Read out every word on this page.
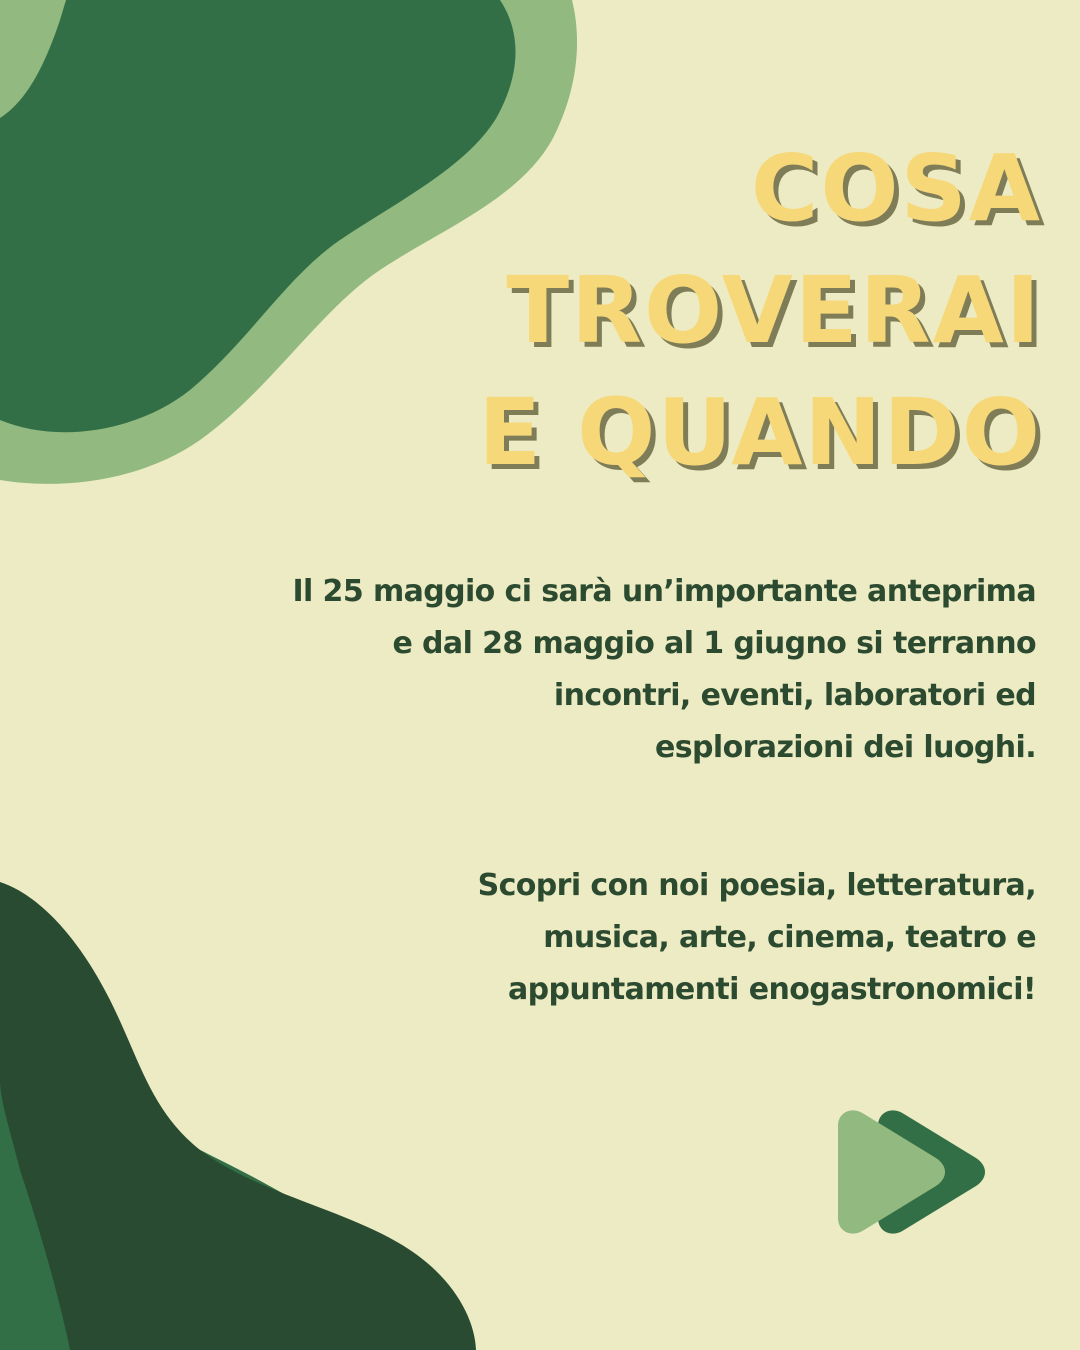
COSA
TROVERAI
E QUANDO

Il 25 maggio ci sarà un’importante anteprima
e dal 28 maggio al 1 giugno si terranno
incontri, eventi, laboratori ed
esplorazioni dei luoghi.

Scopri con noi poesia, letteratura,
musica, arte, cinema, teatro e
appuntamenti enogastronomici!
